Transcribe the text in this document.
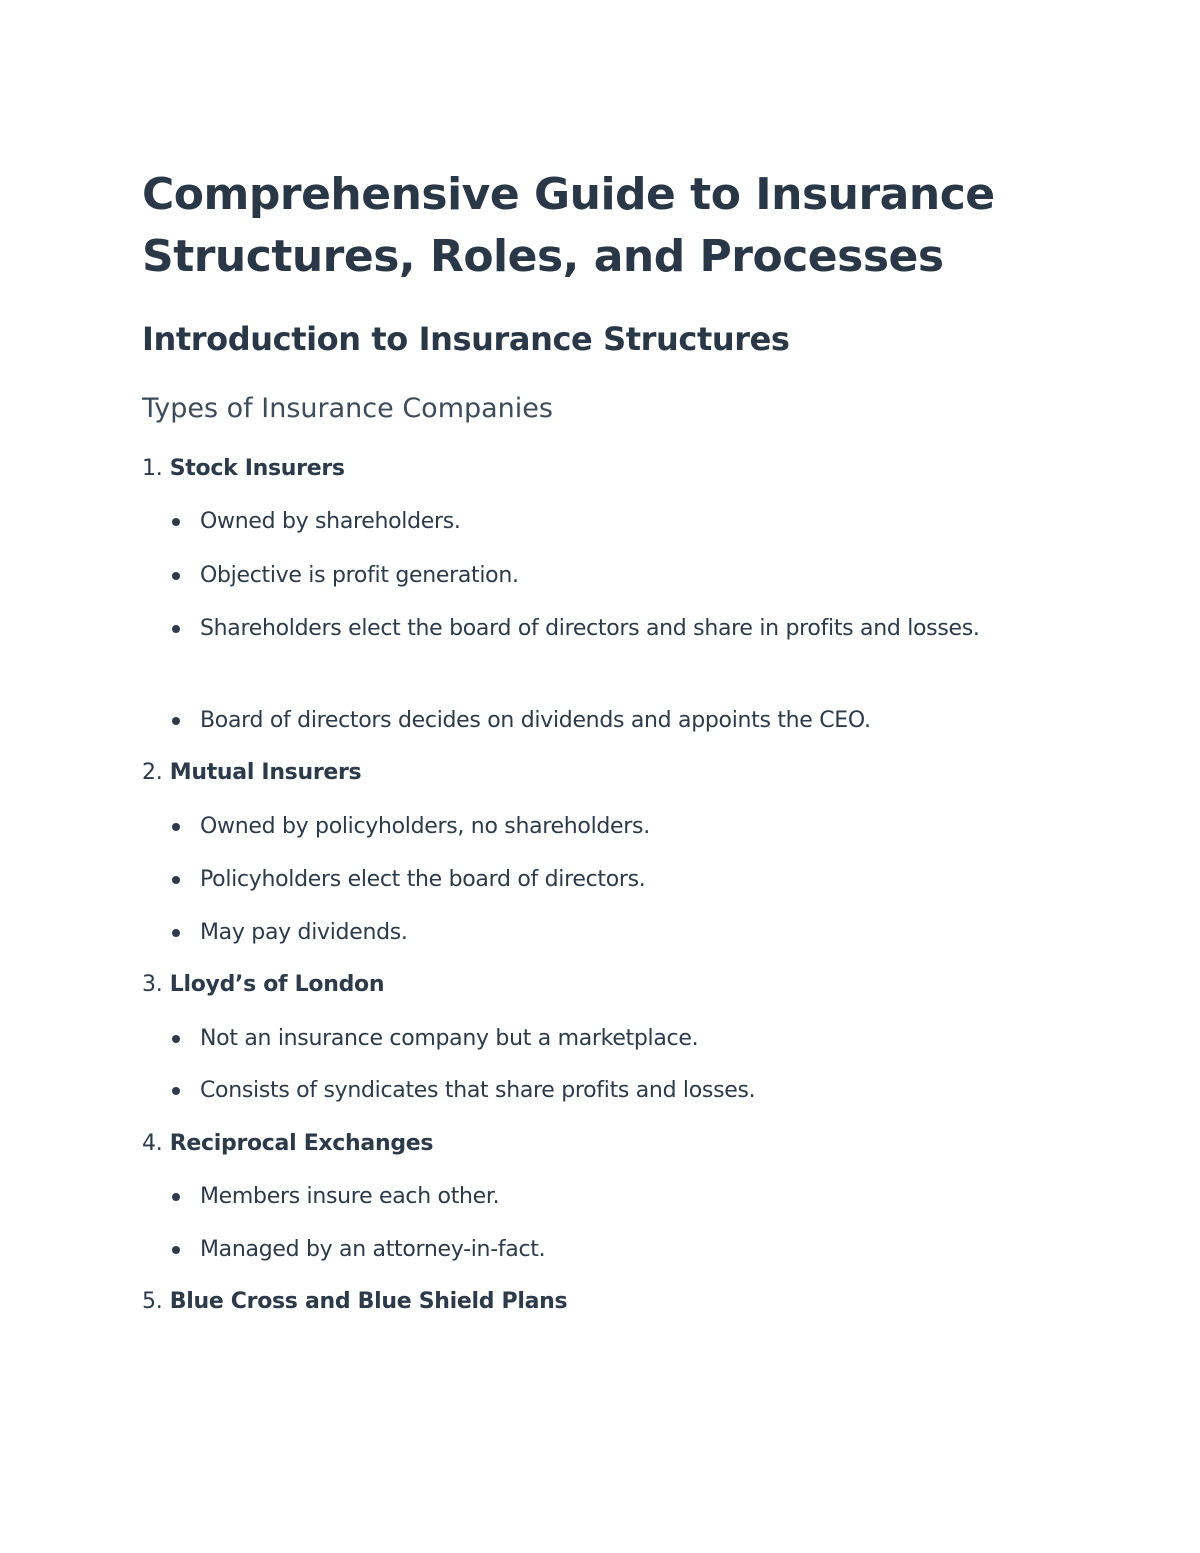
Comprehensive Guide to Insurance Structures, Roles, and Processes
Introduction to Insurance Structures
Types of Insurance Companies
1. Stock Insurers
Owned by shareholders.
Objective is profit generation.
Shareholders elect the board of directors and share in profits and losses.
Board of directors decides on dividends and appoints the CEO.
2. Mutual Insurers
Owned by policyholders, no shareholders.
Policyholders elect the board of directors.
May pay dividends.
3. Lloyd’s of London
Not an insurance company but a marketplace.
Consists of syndicates that share profits and losses.
4. Reciprocal Exchanges
Members insure each other.
Managed by an attorney-in-fact.
5. Blue Cross and Blue Shield Plans
